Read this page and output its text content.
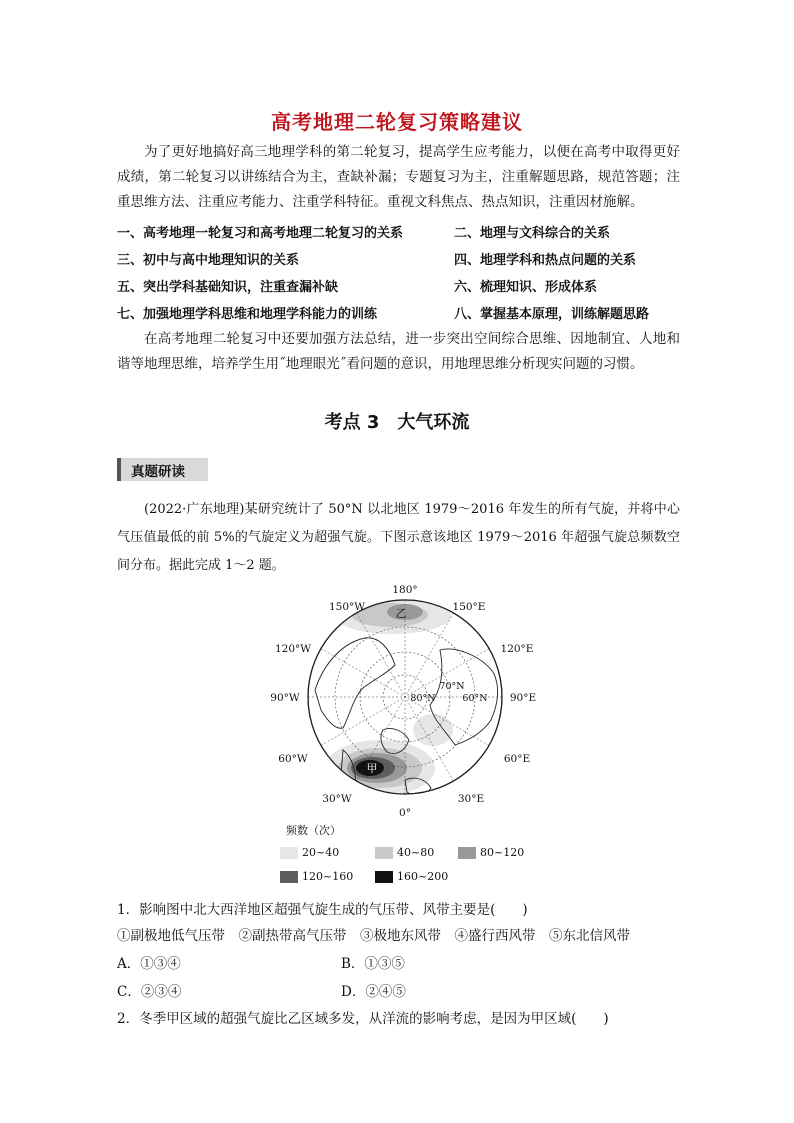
高考地理二轮复习策略建议
为了更好地搞好高三地理学科的第二轮复习，提高学生应考能力，以便在高考中取得更好成绩，第二轮复习以讲练结合为主，查缺补漏；专题复习为主，注重解题思路，规范答题；注重思维方法、注重应考能力、注重学科特征。重视文科焦点、热点知识，注重因材施解。
一、高考地理一轮复习和高考地理二轮复习的关系	二、地理与文科综合的关系
三、初中与高中地理知识的关系	四、地理学科和热点问题的关系
五、突出学科基础知识，注重查漏补缺	六、梳理知识、形成体系
七、加强地理学科思维和地理学科能力的训练	八、掌握基本原理，训练解题思路
在高考地理二轮复习中还要加强方法总结，进一步突出空间综合思维、因地制宜、人地和谐等地理思维，培养学生用˝地理眼光˝看问题的意识，用地理思维分析现实问题的习惯。
考点 3　大气环流
真题研读
(2022·广东地理)某研究统计了 50°N 以北地区 1979～2016 年发生的所有气旋，并将中心气压值最低的前 5%的气旋定义为超强气旋。下图示意该地区 1979～2016 年超强气旋总频数空间分布。据此完成 1～2 题。
180°
150°W	150°E
120°W	120°E
90°W	90°E
60°W	60°E
30°W	30°E
0°
80°N
70°N
60°N
乙
甲
频数（次）
20~40	40~80	80~120
120~160	160~200
1．影响图中北大西洋地区超强气旋生成的气压带、风带主要是(　　)
①副极地低气压带　②副热带高气压带　③极地东风带　④盛行西风带　⑤东北信风带
A．①③④	B．①③⑤
C．②③④	D．②④⑤
2．冬季甲区域的超强气旋比乙区域多发，从洋流的影响考虑，是因为甲区域(　　)
